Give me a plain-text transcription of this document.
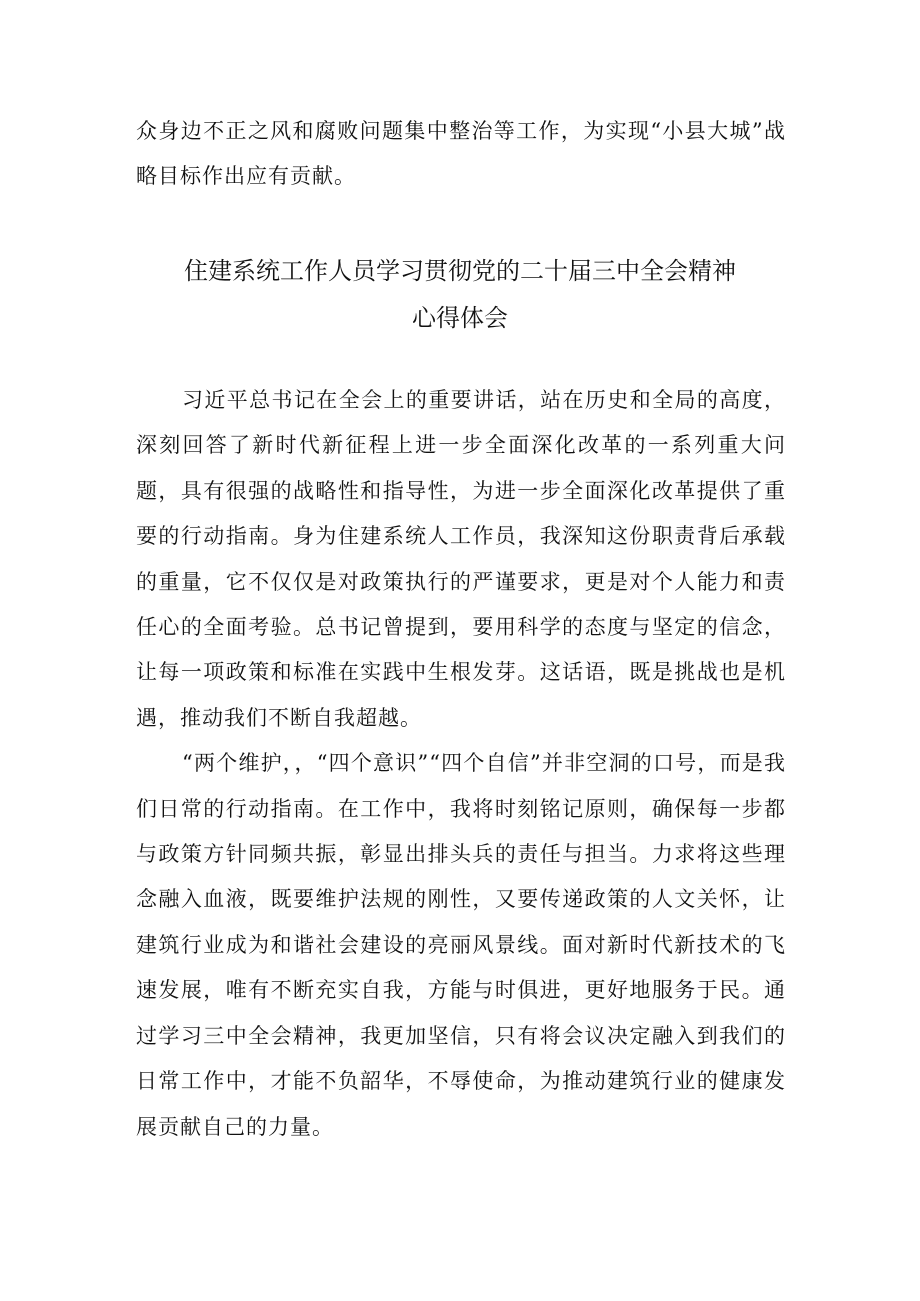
众身边不正之风和腐败问题集中整治等工作，为实现“小县大城”战略目标作出应有贡献。

住建系统工作人员学习贯彻党的二十届三中全会精神
心得体会

习近平总书记在全会上的重要讲话，站在历史和全局的高度，深刻回答了新时代新征程上进一步全面深化改革的一系列重大问题，具有很强的战略性和指导性，为进一步全面深化改革提供了重要的行动指南。身为住建系统人工作员，我深知这份职责背后承载的重量，它不仅仅是对政策执行的严谨要求，更是对个人能力和责任心的全面考验。总书记曾提到，要用科学的态度与坚定的信念，让每一项政策和标准在实践中生根发芽。这话语，既是挑战也是机遇，推动我们不断自我超越。

“两个维护，，“四个意识”“四个自信”并非空洞的口号，而是我们日常的行动指南。在工作中，我将时刻铭记原则，确保每一步都与政策方针同频共振，彰显出排头兵的责任与担当。力求将这些理念融入血液，既要维护法规的刚性，又要传递政策的人文关怀，让建筑行业成为和谐社会建设的亮丽风景线。面对新时代新技术的飞速发展，唯有不断充实自我，方能与时俱进，更好地服务于民。通过学习三中全会精神，我更加坚信，只有将会议决定融入到我们的日常工作中，才能不负韶华，不辱使命，为推动建筑行业的健康发展贡献自己的力量。
